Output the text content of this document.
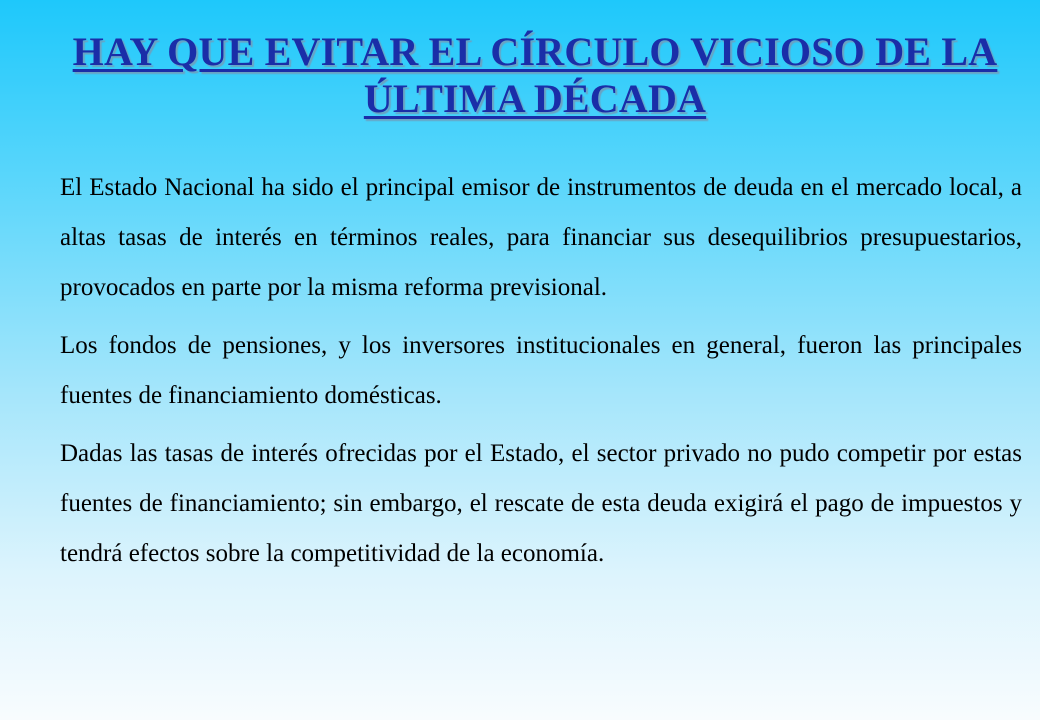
HAY QUE EVITAR EL CÍRCULO VICIOSO DE LA ÚLTIMA DÉCADA

El Estado Nacional ha sido el principal emisor de instrumentos de deuda en el mercado local, a altas tasas de interés en términos reales, para financiar sus desequilibrios presupuestarios, provocados en parte por la misma reforma previsional.

Los fondos de pensiones, y los inversores institucionales en general, fueron las principales fuentes de financiamiento domésticas.

Dadas las tasas de interés ofrecidas por el Estado, el sector privado no pudo competir por estas fuentes de financiamiento; sin embargo, el rescate de esta deuda exigirá el pago de impuestos y tendrá efectos sobre la competitividad de la economía.
